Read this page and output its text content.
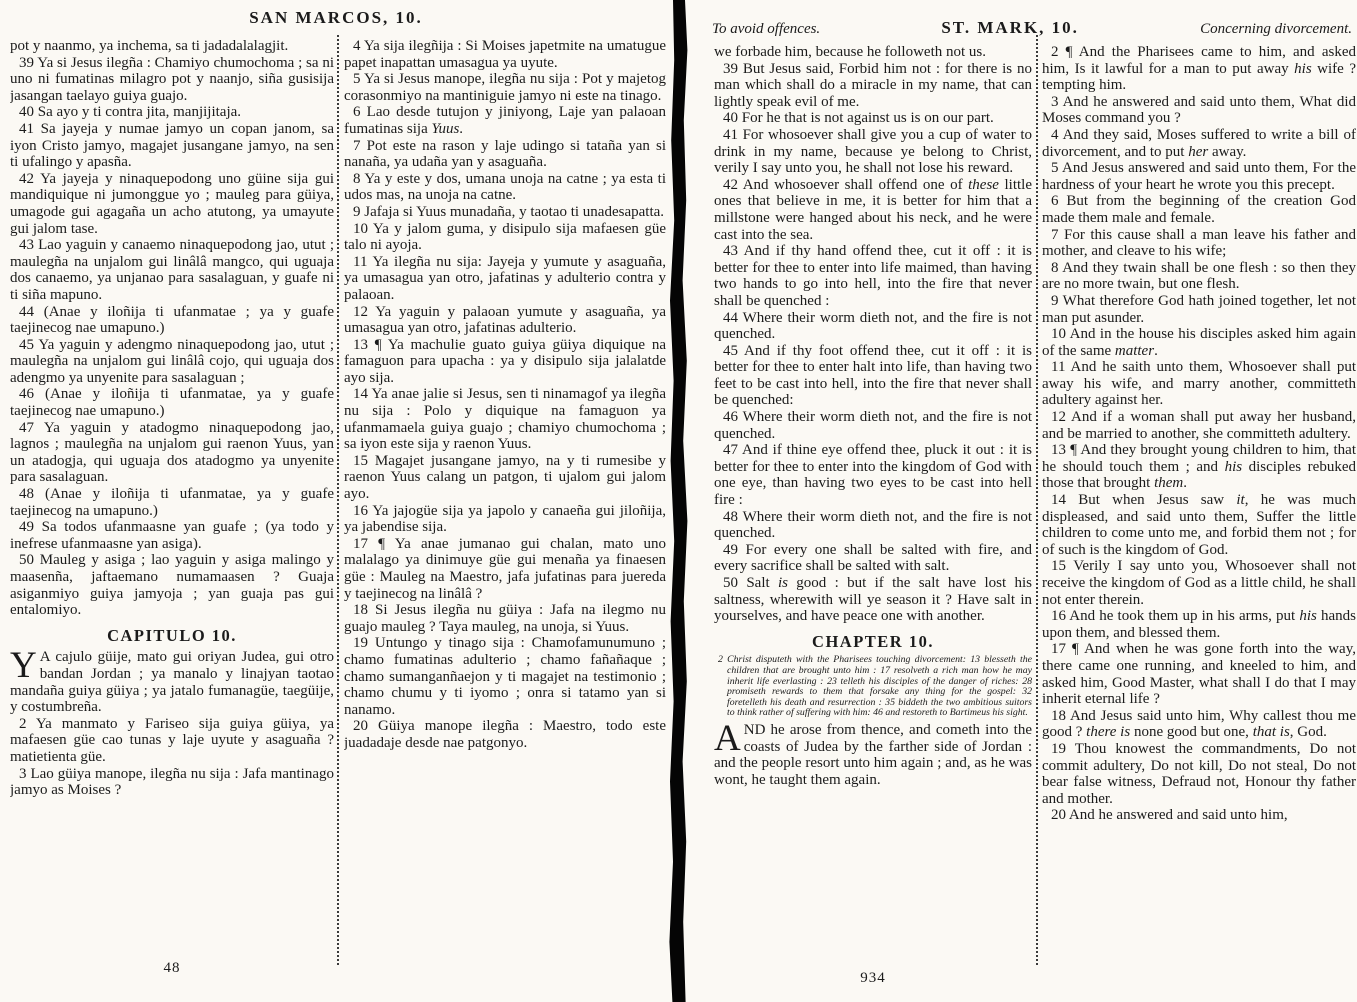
SAN MARCOS, 10.
To avoid offences.	ST. MARK, 10.	Concerning divorcement.

pot y naanmo, ya inchema, sa ti jadadalalagjit.

39 Ya si Jesus ilegña : Chamiyo chumochoma ; sa ni uno ni fumatinas milagro pot y naanjo, siña gusisija jasangan taelayo guiya guajo.

40 Sa ayo y ti contra jita, manjijitaja.

41 Sa jayeja y numae jamyo un copan janom, sa iyon Cristo jamyo, magajet jusangane jamyo, na sen ti ufalingo y apasña.

42 Ya jayeja y ninaquepodong uno güine sija gui mandiquique ni jumonggue yo ; mauleg para güiya, umagode gui agagaña un acho atutong, ya umayute gui jalom tase.

43 Lao yaguin y canaemo ninaquepodong jao, utut ; maulegña na unjalom gui linâlâ mangco, qui uguaja dos canaemo, ya unjanao para sasalaguan, y guafe ni ti siña mapuno.

44 (Anae y iloñija ti ufanmatae ; ya y guafe taejinecog nae umapuno.)

45 Ya yaguin y adengmo ninaquepodong jao, utut ; maulegña na unjalom gui linâlâ cojo, qui uguaja dos adengmo ya unyenite para sasalaguan ;

46 (Anae y iloñija ti ufanmatae, ya y guafe taejinecog nae umapuno.)

47 Ya yaguin y atadogmo ninaquepodong jao, lagnos ; maulegña na unjalom gui raenon Yuus, yan un atadogja, qui uguaja dos atadogmo ya unyenite para sasalaguan.

48 (Anae y iloñija ti ufanmatae, ya y guafe taejinecog na umapuno.)

49 Sa todos ufanmaasne yan guafe ; (ya todo y inefrese ufanmaasne yan asiga).

50 Mauleg y asiga ; lao yaguin y asiga malingo y maasenña, jaftaemano numamaasen ? Guaja asiganmiyo guiya jamyoja ; yan guaja pas gui entalomiyo.

CAPITULO 10.

Y A cajulo güije, mato gui oriyan Judea, gui otro bandan Jordan ; ya manalo y linajyan taotao mandaña guiya güiya ; ya jatalo fumanagüe, taegüije, y costumbreña.

2 Ya manmato y Fariseo sija guiya güiya, ya mafaesen güe cao tunas y laje uyute y asaguaña ? matietienta güe.

3 Lao güiya manope, ilegña nu sija : Jafa mantinago jamyo as Moises ?

4 Ya sija ilegñija : Si Moises japetmite na umatugue papet inapattan umasagua ya uyute.

5 Ya si Jesus manope, ilegña nu sija : Pot y majetog corasonmiyo na mantiniguie jamyo ni este na tinago.

6 Lao desde tutujon y jiniyong, Laje yan palaoan fumatinas sija Yuus.

7 Pot este na rason y laje udingo si tataña yan si nanaña, ya udaña yan y asaguaña.

8 Ya y este y dos, umana unoja na catne ; ya esta ti udos mas, na unoja na catne.

9 Jafaja si Yuus munadaña, y taotao ti unadesapatta.

10 Ya y jalom guma, y disipulo sija mafaesen güe talo ni ayoja.

11 Ya ilegña nu sija: Jayeja y yumute y asaguaña, ya umasagua yan otro, jafatinas y adulterio contra y palaoan.

12 Ya yaguin y palaoan yumute y asaguaña, ya umasagua yan otro, jafatinas adulterio.

13 ¶ Ya machulie guato guiya güiya diquique na famaguon para upacha : ya y disipulo sija jalalatde ayo sija.

14 Ya anae jalie si Jesus, sen ti ninamagof ya ilegña nu sija : Polo y diquique na famaguon ya ufanmamaela guiya guajo ; chamiyo chumochoma ; sa iyon este sija y raenon Yuus.

15 Magajet jusangane jamyo, na y ti rumesibe y raenon Yuus calang un patgon, ti ujalom gui jalom ayo.

16 Ya jajogüe sija ya japolo y canaeña gui jiloñija, ya jabendise sija.

17 ¶ Ya anae jumanao gui chalan, mato uno malalago ya dinimuye güe gui menaña ya finaesen güe : Mauleg na Maestro, jafa jufatinas para juereda y taejinecog na linâlâ ?

18 Si Jesus ilegña nu güiya : Jafa na ilegmo nu guajo mauleg ? Taya mauleg, na unoja, si Yuus.

19 Untungo y tinago sija : Chamofamunumuno ; chamo fumatinas adulterio ; chamo fañañaque ; chamo sumanganñaejon y ti magajet na testimonio ; chamo chumu y ti iyomo ; onra si tatamo yan si nanamo.

20 Güiya manope ilegña : Maestro, todo este juadadaje desde nae patgonyo.

we forbade him, because he followeth not us.

39 But Jesus said, Forbid him not : for there is no man which shall do a miracle in my name, that can lightly speak evil of me.

40 For he that is not against us is on our part.

41 For whosoever shall give you a cup of water to drink in my name, because ye belong to Christ, verily I say unto you, he shall not lose his reward.

42 And whosoever shall offend one of these little ones that believe in me, it is better for him that a millstone were hanged about his neck, and he were cast into the sea.

43 And if thy hand offend thee, cut it off : it is better for thee to enter into life maimed, than having two hands to go into hell, into the fire that never shall be quenched :

44 Where their worm dieth not, and the fire is not quenched.

45 And if thy foot offend thee, cut it off : it is better for thee to enter halt into life, than having two feet to be cast into hell, into the fire that never shall be quenched:

46 Where their worm dieth not, and the fire is not quenched.

47 And if thine eye offend thee, pluck it out : it is better for thee to enter into the kingdom of God with one eye, than having two eyes to be cast into hell fire :

48 Where their worm dieth not, and the fire is not quenched.

49 For every one shall be salted with fire, and every sacrifice shall be salted with salt.

50 Salt is good : but if the salt have lost his saltness, wherewith will ye season it ? Have salt in yourselves, and have peace one with another.

CHAPTER 10.

2 Christ disputeth with the Pharisees touching divorcement: 13 blesseth the children that are brought unto him : 17 resolveth a rich man how he may inherit life everlasting : 23 telleth his disciples of the danger of riches: 28 promiseth rewards to them that forsake any thing for the gospel: 32 foretelleth his death and resurrection : 35 biddeth the two ambitious suitors to think rather of suffering with him: 46 and restoreth to Bartimeus his sight.

AND he arose from thence, and cometh into the coasts of Judea by the farther side of Jordan : and the people resort unto him again ; and, as he was wont, he taught them again.

2 ¶ And the Pharisees came to him, and asked him, Is it lawful for a man to put away his wife ? tempting him.

3 And he answered and said unto them, What did Moses command you ?

4 And they said, Moses suffered to write a bill of divorcement, and to put her away.

5 And Jesus answered and said unto them, For the hardness of your heart he wrote you this precept.

6 But from the beginning of the creation God made them male and female.

7 For this cause shall a man leave his father and mother, and cleave to his wife;

8 And they twain shall be one flesh : so then they are no more twain, but one flesh.

9 What therefore God hath joined together, let not man put asunder.

10 And in the house his disciples asked him again of the same matter.

11 And he saith unto them, Whosoever shall put away his wife, and marry another, committeth adultery against her.

12 And if a woman shall put away her husband, and be married to another, she committeth adultery.

13 ¶ And they brought young children to him, that he should touch them ; and his disciples rebuked those that brought them.

14 But when Jesus saw it, he was much displeased, and said unto them, Suffer the little children to come unto me, and forbid them not ; for of such is the kingdom of God.

15 Verily I say unto you, Whosoever shall not receive the kingdom of God as a little child, he shall not enter therein.

16 And he took them up in his arms, put his hands upon them, and blessed them.

17 ¶ And when he was gone forth into the way, there came one running, and kneeled to him, and asked him, Good Master, what shall I do that I may inherit eternal life ?

18 And Jesus said unto him, Why callest thou me good ? there is none good but one, that is, God.

19 Thou knowest the commandments, Do not commit adultery, Do not kill, Do not steal, Do not bear false witness, Defraud not, Honour thy father and mother.

20 And he answered and said unto him,

48
934
